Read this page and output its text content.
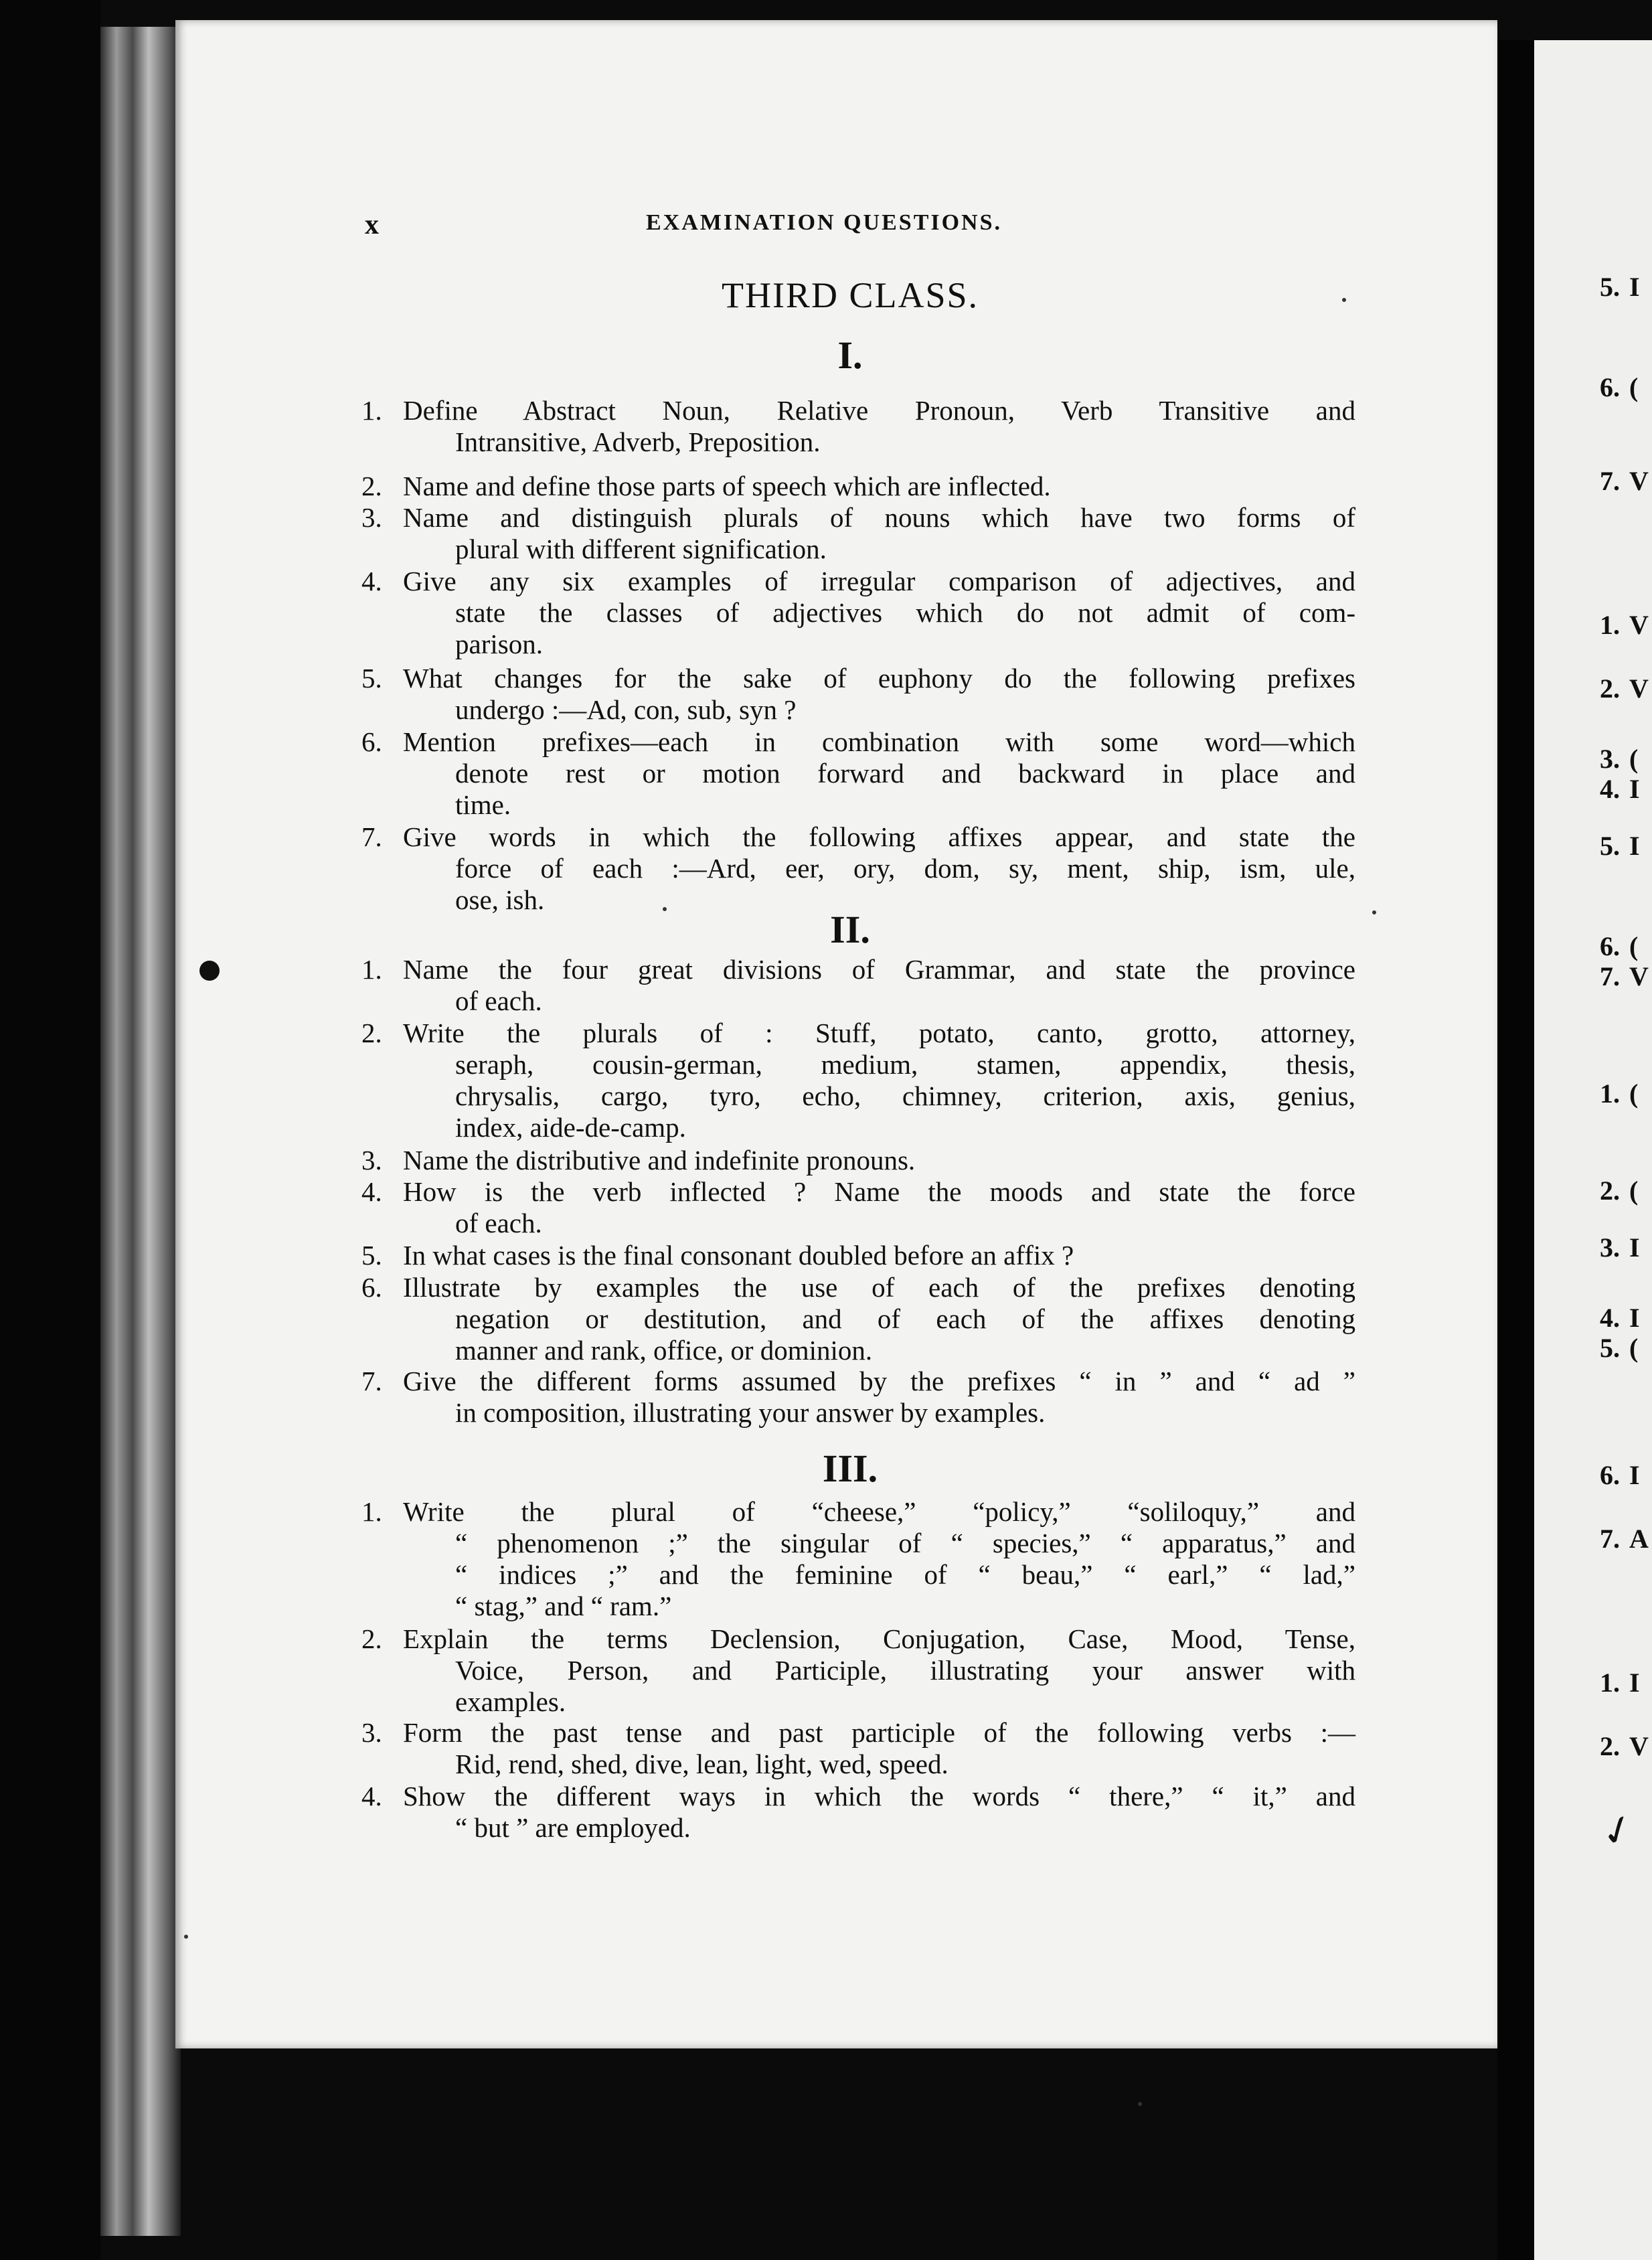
✓
5. I
6. (
7. V
1. V
2. V
3. (
4. I
5. I
6. (
7. V
1. (
2. (
3. I
4. I
5. (
6. I
7. A
1. I
2. V
x	EXAMINATION QUESTIONS.
THIRD CLASS.
I.
1. Define Abstract Noun, Relative Pronoun, Verb Transitive and
Intransitive, Adverb, Preposition.
2. Name and define those parts of speech which are inflected.
3. Name and distinguish plurals of nouns which have two forms of
plural with different signification.
4. Give any six examples of irregular comparison of adjectives, and
state the classes of adjectives which do not admit of com-
parison.
5. What changes for the sake of euphony do the following prefixes
undergo :—Ad, con, sub, syn ?
6. Mention prefixes—each in combination with some word—which
denote rest or motion forward and backward in place and
time.
7. Give words in which the following affixes appear, and state the
force of each :—Ard, eer, ory, dom, sy, ment, ship, ism, ule,
ose, ish.
II.
1. Name the four great divisions of Grammar, and state the province
of each.
2. Write the plurals of : Stuff, potato, canto, grotto, attorney,
seraph, cousin-german, medium, stamen, appendix, thesis,
chrysalis, cargo, tyro, echo, chimney, criterion, axis, genius,
index, aide-de-camp.
3. Name the distributive and indefinite pronouns.
4. How is the verb inflected ? Name the moods and state the force
of each.
5. In what cases is the final consonant doubled before an affix ?
6. Illustrate by examples the use of each of the prefixes denoting
negation or destitution, and of each of the affixes denoting
manner and rank, office, or dominion.
7. Give the different forms assumed by the prefixes “ in ” and “ ad ”
in composition, illustrating your answer by examples.
III.
1. Write the plural of “cheese,” “policy,” “soliloquy,” and
“ phenomenon ;” the singular of “ species,” “ apparatus,” and
“ indices ;” and the feminine of “ beau,” “ earl,” “ lad,”
“ stag,” and “ ram.”
2. Explain the terms Declension, Conjugation, Case, Mood, Tense,
Voice, Person, and Participle, illustrating your answer with
examples.
3. Form the past tense and past participle of the following verbs :—
Rid, rend, shed, dive, lean, light, wed, speed.
4. Show the different ways in which the words “ there,” “ it,” and
“ but ” are employed.
